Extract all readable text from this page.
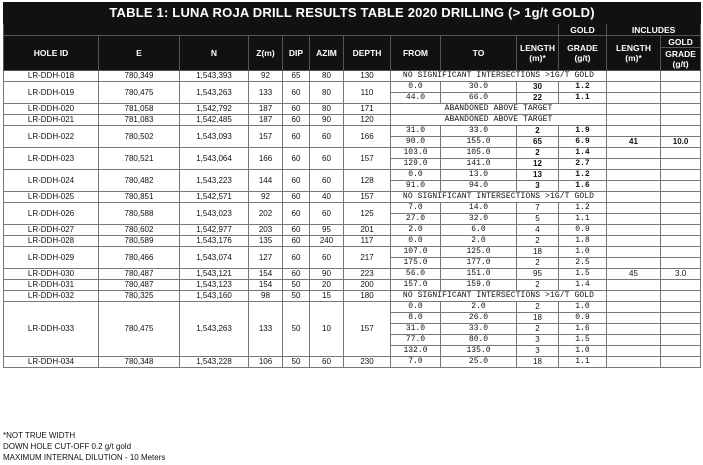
TABLE 1: LUNA ROJA DRILL RESULTS TABLE 2020 DRILLING (> 1g/t GOLD)												
										GOLD	INCLUDES	
HOLE ID	E	N	Z(m)	DIP	AZIM	DEPTH	FROM	TO	LENGTH (m)*	GRADE (g/t)	LENGTH (m)*	GOLD
												GRADE (g/t)
LR-DDH-018	780,349	1,543,393	92	65	80	130	NO SIGNIFICANT INTERSECTIONS >1G/T GOLD					
LR-DDH-019	780,475	1,543,263	133	60	80	110	0.0	30.0	30	1.2		
							44.0	66.0	22	1.1		
LR-DDH-020	781,058	1,542,792	187	60	80	171	ABANDONED ABOVE TARGET					
LR-DDH-021	781,083	1,542,485	187	60	90	120	ABANDONED ABOVE TARGET					
LR-DDH-022	780,502	1,543,093	157	60	60	166	31.0	33.0	2	1.9		
							90.0	155.0	65	6.9	41	10.0
LR-DDH-023	780,521	1,543,064	166	60	60	157	103.0	105.0	2	1.4		
							129.0	141.0	12	2.7		
LR-DDH-024	780,482	1,543,223	144	60	60	128	0.0	13.0	13	1.2		
							91.0	94.0	3	1.6		
LR-DDH-025	780,851	1,542,571	92	60	40	157	NO SIGNIFICANT INTERSECTIONS >1G/T GOLD					
LR-DDH-026	780,588	1,543,023	202	60	60	125	7.0	14.0	7	1.2		
							27.0	32.0	5	1.1		
LR-DDH-027	780,602	1,542,977	203	60	95	201	2.0	6.0	4	0.9		
LR-DDH-028	780,589	1,543,176	135	60	240	117	0.0	2.0	2	1.8		
LR-DDH-029	780,466	1,543,074	127	60	60	217	107.0	125.0	18	1.0		
							175.0	177.0	2	2.5		
LR-DDH-030	780,487	1,543,121	154	60	90	223	56.0	151.0	95	1.5	45	3.0
LR-DDH-031	780,487	1,543,123	154	50	20	200	157.0	159.0	2	1.4		
LR-DDH-032	780,325	1,543,160	98	50	15	180	NO SIGNIFICANT INTERSECTIONS >1G/T GOLD					
LR-DDH-033	780,475	1,543,263	133	50	10	157	0.0	2.0	2	1.0		
							8.0	26.0	18	0.9		
							31.0	33.0	2	1.6		
							77.0	80.0	3	1.5		
							132.0	135.0	3	1.0		
LR-DDH-034	780,348	1,543,228	106	50	60	230	7.0	25.0	18	1.1		
*NOT TRUE WIDTH
DOWN HOLE CUT-OFF 0.2 g/t gold
MAXIMUM INTERNAL DILUTION - 10 Meters
